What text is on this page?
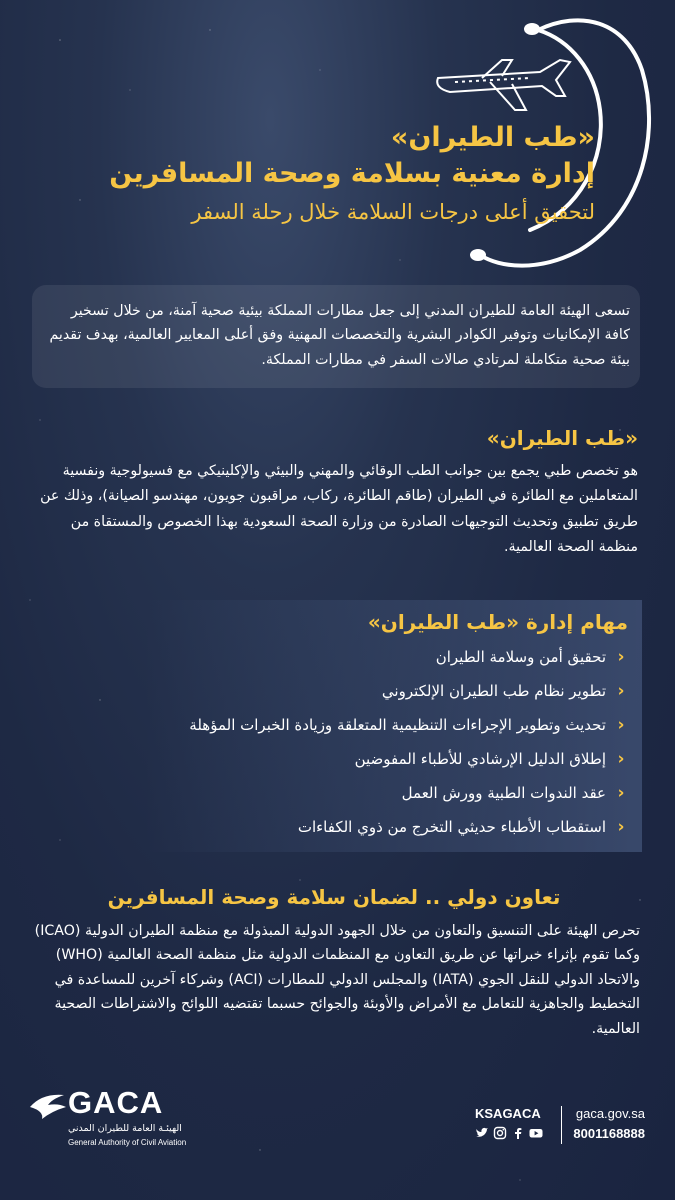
«طب الطيران»

إدارة معنية بسلامة وصحة المسافرين

لتحقيق أعلى درجات السلامة خلال رحلة السفر

تسعى الهيئة العامة للطيران المدني إلى جعل مطارات المملكة بيئية صحية آمنة، من خلال تسخير كافة الإمكانيات وتوفير الكوادر البشرية والتخصصات المهنية وفق أعلى المعايير العالمية، بهدف تقديم بيئة صحية متكاملة لمرتادي صالات السفر في مطارات المملكة.

«طب الطيران»

هو تخصص طبي يجمع بين جوانب الطب الوقائي والمهني والبيئي والإكلينيكي مع فسيولوجية ونفسية المتعاملين مع الطائرة في الطيران (طاقم الطائرة، ركاب، مراقبون جويون، مهندسو الصيانة)، وذلك عن طريق تطبيق وتحديث التوجيهات الصادرة من وزارة الصحة السعودية بهذا الخصوص والمستقاة من منظمة الصحة العالمية.

مهام إدارة «طب الطيران»

‹
تحقيق أمن وسلامة الطيران
‹
تطوير نظام طب الطيران الإلكتروني
‹
تحديث وتطوير الإجراءات التنظيمية المتعلقة وزيادة الخبرات المؤهلة
‹
إطلاق الدليل الإرشادي للأطباء المفوضين
‹
عقد الندوات الطبية وورش العمل
‹
استقطاب الأطباء حديثي التخرج من ذوي الكفاءات

تعاون دولي .. لضمان سلامة وصحة المسافرين

تحرص الهيئة على التنسيق والتعاون من خلال الجهود الدولية المبذولة مع منظمة الطيران الدولية (ICAO) وكما تقوم بإثراء خبراتها عن طريق التعاون مع المنظمات الدولية مثل منظمة الصحة العالمية (WHO) والاتحاد الدولي للنقل الجوي (IATA) والمجلس الدولي للمطارات (ACI) وشركاء آخرين للمساعدة في التخطيط والجاهزية للتعامل مع الأمراض والأوبئة والجوائح حسبما تقتضيه اللوائح والاشتراطات الصحية العالمية.

GACA
الهيئـة العامة للطيران المدني
General Authority of Civil Aviation
KSAGACA	gaca.gov.sa
8001168888
